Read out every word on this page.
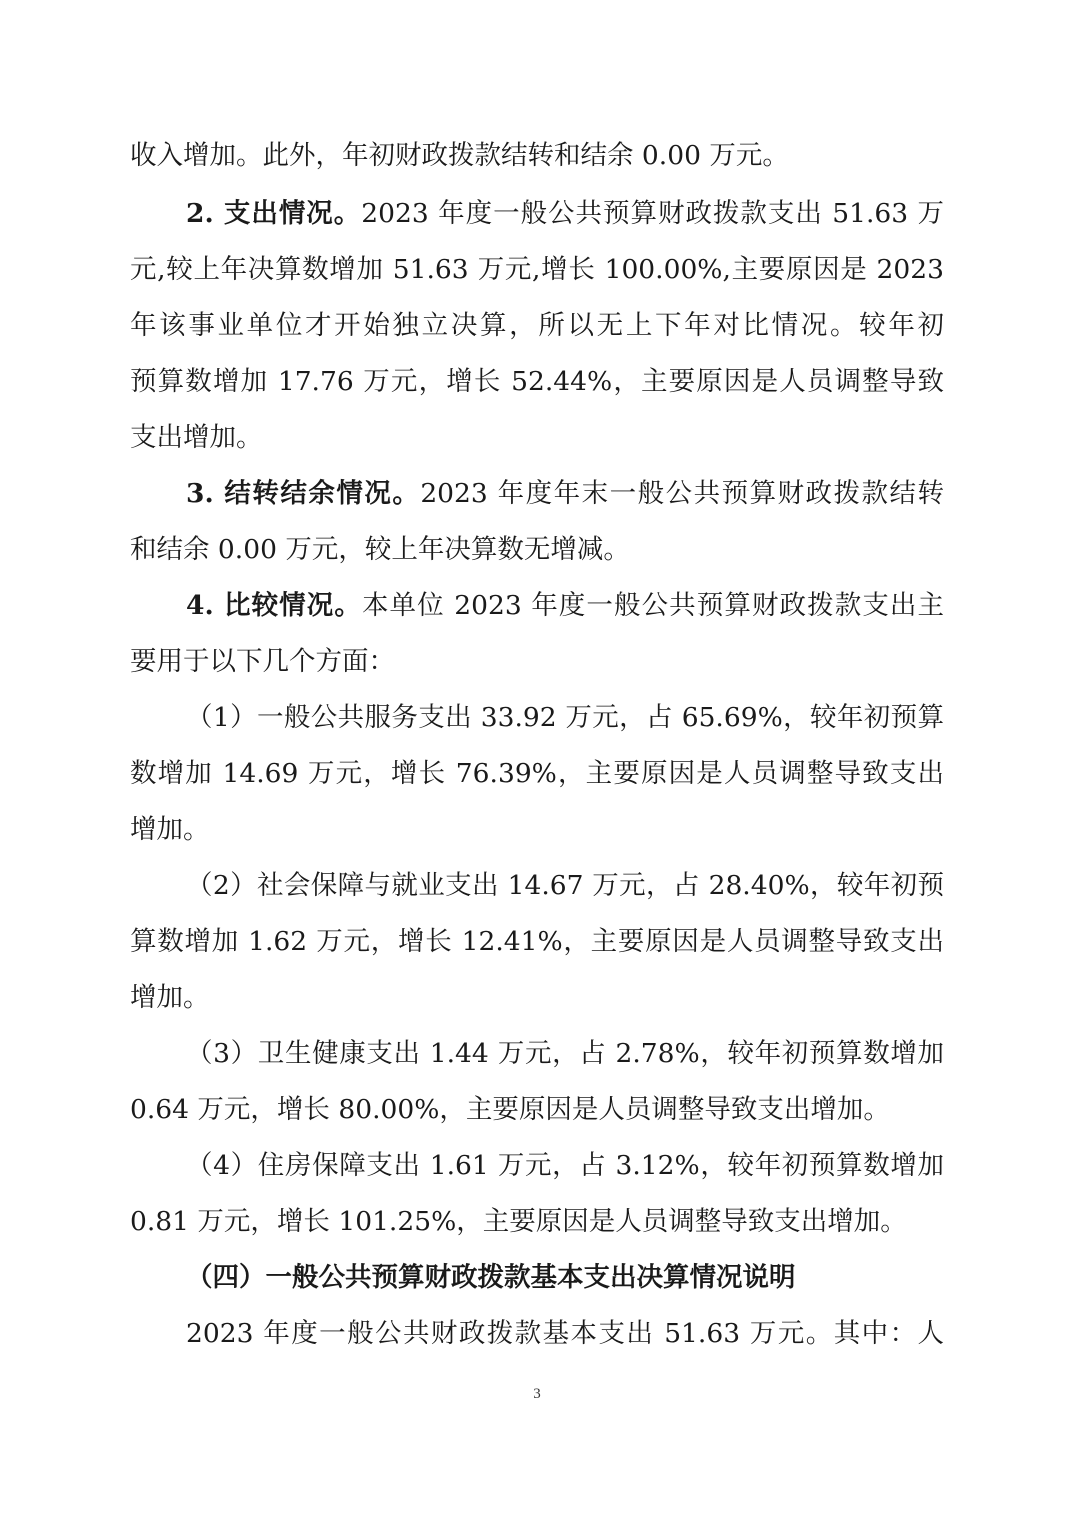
收入增加。此外，年初财政拨款结转和结余 0.00 万元。
2. 支出情况。2023 年度一般公共预算财政拨款支出 51.63 万
元,较上年决算数增加 51.63 万元,增长 100.00%,主要原因是 2023
年该事业单位才开始独立决算，所以无上下年对比情况。较年初
预算数增加 17.76 万元，增长 52.44%，主要原因是人员调整导致
支出增加。
3. 结转结余情况。2023 年度年末一般公共预算财政拨款结转
和结余 0.00 万元，较上年决算数无增减。
4. 比较情况。本单位 2023 年度一般公共预算财政拨款支出主
要用于以下几个方面：
（1）一般公共服务支出 33.92 万元，占 65.69%，较年初预算
数增加 14.69 万元，增长 76.39%，主要原因是人员调整导致支出
增加。
（2）社会保障与就业支出 14.67 万元，占 28.40%，较年初预
算数增加 1.62 万元，增长 12.41%，主要原因是人员调整导致支出
增加。
（3）卫生健康支出 1.44 万元，占 2.78%，较年初预算数增加
0.64 万元，增长 80.00%，主要原因是人员调整导致支出增加。
（4）住房保障支出 1.61 万元，占 3.12%，较年初预算数增加
0.81 万元，增长 101.25%，主要原因是人员调整导致支出增加。
（四）一般公共预算财政拨款基本支出决算情况说明
2023 年度一般公共财政拨款基本支出 51.63 万元。其中：人
3
